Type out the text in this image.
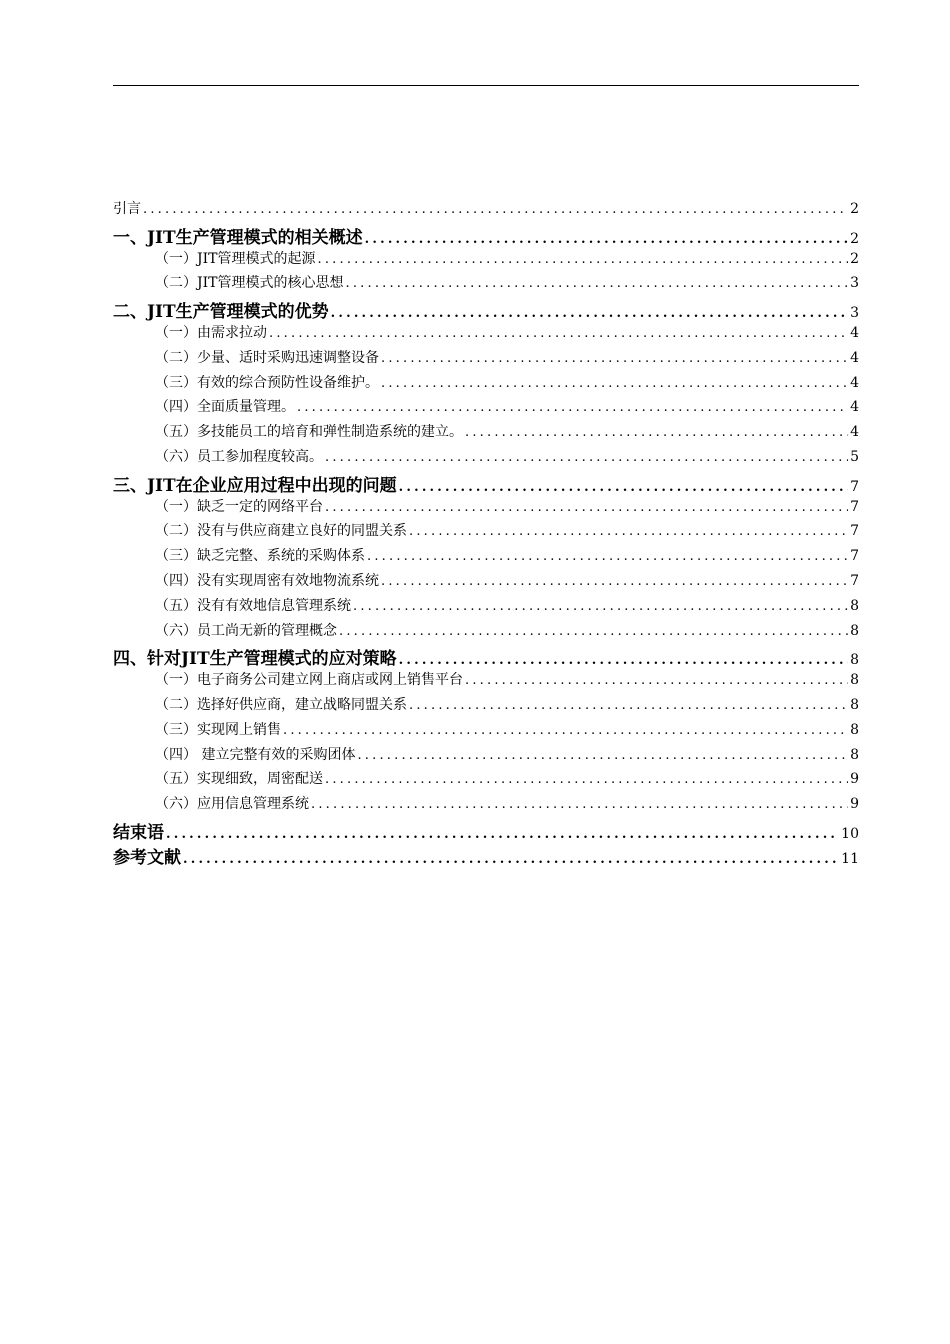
引言 .....	2
一、JIT生产管理模式的相关概述 .....	2
（一）JIT管理模式的起源 .....	2
（二）JIT管理模式的核心思想 .....	3
二、JIT生产管理模式的优势 .....	3
（一）由需求拉动 .....	4
（二）少量、适时采购迅速调整设备 .....	4
（三）有效的综合预防性设备维护。 .....	4
（四）全面质量管理。 .....	4
（五）多技能员工的培育和弹性制造系统的建立。 .....	4
（六）员工参加程度较高。 .....	5
三、JIT在企业应用过程中出现的问题 .....	7
（一）缺乏一定的网络平台 .....	7
（二）没有与供应商建立良好的同盟关系 .....	7
（三）缺乏完整、系统的采购体系 .....	7
（四）没有实现周密有效地物流系统 .....	7
（五）没有有效地信息管理系统 .....	8
（六）员工尚无新的管理概念 .....	8
四、针对JIT生产管理模式的应对策略 .....	8
（一）电子商务公司建立网上商店或网上销售平台 .....	8
（二）选择好供应商，建立战略同盟关系 .....	8
（三）实现网上销售 .....	8
（四） 建立完整有效的采购团体 .....	8
（五）实现细致，周密配送 .....	9
（六）应用信息管理系统 .....	9
结束语 .....	10
参考文献 .....	11
